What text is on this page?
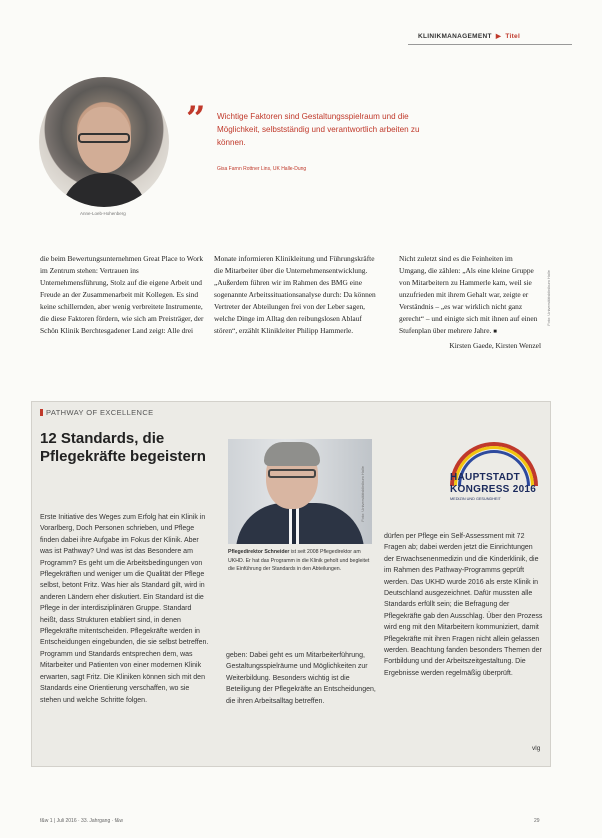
KLINIKMANAGEMENT ▶ Titel
Anne-Loeb-Hohenberg
” Wichtige Faktoren sind Gestaltungsspielraum und die Möglichkeit, selbstständig und verantwortlich arbeiten zu können.
Gisa Farnn Rottner Lins, UK Halle-Dung

die beim Bewertungsunternehmen Great Place to Work im Zentrum stehen: Vertrauen ins Unternehmensführung, Stolz auf die eigene Arbeit und Freude an der Zusammenarbeit mit Kollegen. Es sind keine schillernden, aber wenig verbreitete Instrumente, die diese Faktoren fördern, wie sich am Preisträger, der Schön Klinik Berchtesgadener Land zeigt: Alle drei

Monate informieren Klinikleitung und Führungskräfte die Mitarbeiter über die Unternehmensentwicklung. „Außerdem führen wir im Rahmen des BMG eine sogenannte Arbeitssituationsanalyse durch: Da können Vertreter der Abteilungen frei von der Leber sagen, welche Dinge im Alltag den reibungslosen Ablauf stören“, erzählt Klinikleiter Philipp Hammerle.

Nicht zuletzt sind es die Feinheiten im Umgang, die zählen: „Als eine kleine Gruppe von Mitarbeitern zu Hammerle kam, weil sie unzufrieden mit ihrem Gehalt war, zeigte er Verständnis – „es war wirklich nicht ganz gerecht“ – und einigte sich mit ihnen auf einen Stufenplan über mehrere Jahre. ■

Kirsten Gaede, Kirsten Wenzel

Foto: Universitätsklinikum Halle
PATHWAY OF EXCELLENCE
12 Standards, die Pflegekräfte begeistern

Erste Initiative des Weges zum Erfolg hat ein Klinik in Vorarlberg, Doch Personen schrieben, und Pflege finden dabei ihre Aufgabe im Fokus der Klinik. Aber was ist Pathway? Und was ist das Besondere am Programm? Es geht um die Arbeitsbedingungen von Pflegekräften und weniger um die Qualität der Pflege selbst, betont Fritz. Was hier als Standard gilt, wird in anderen Ländern eher diskutiert. Ein Standard ist die Pflege in der interdisziplinären Gruppe. Standard heißt, dass Strukturen etabliert sind, in denen Pflegekräfte mitentscheiden. Pflegekräfte werden in Entscheidungen eingebunden, die sie selbst betreffen. Programm und Standards entsprechen dem, was Mitarbeiter und Patienten von einer modernen Klinik erwarten, sagt Fritz. Die Kliniken können sich mit den Standards eine Orientierung verschaffen, wo sie stehen und welche Schritte folgen.

Foto: Universitätsklinikum Halle
Pflegedirektor Schneider ist seit 2008 Pflegedirektor am UKHD. Er hat das Programm in die Klinik geholt und begleitet die Einführung der Standards in den Abteilungen.

geben: Dabei geht es um Mitarbeiterführung, Gestaltungsspielräume und Möglichkeiten zur Weiterbildung. Besonders wichtig ist die Beteiligung der Pflegekräfte an Entscheidungen, die ihren Arbeitsalltag betreffen.

dürfen per Pflege ein Self-Assessment mit 72 Fragen ab; dabei werden jetzt die Einrichtungen der Erwachsenenmedizin und die Kinderklinik, die im Rahmen des Pathway-Programms geprüft werden. Das UKHD wurde 2016 als erste Klinik in Deutschland ausgezeichnet. Dafür mussten alle Standards erfüllt sein; die Befragung der Pflegekräfte gab den Ausschlag. Über den Prozess wird eng mit den Mitarbeitern kommuniziert, damit Pflegekräfte mit ihren Fragen nicht allein gelassen werden. Beachtung fanden besonders Themen der Fortbildung und der Arbeitszeitgestaltung. Die Ergebnisse werden regelmäßig überprüft.

HAUPTSTADT
KONGRESS 2016
MEDIZIN UND GESUNDHEIT
vlg
f&w 1 | Juli 2016 · 33. Jahrgang · f&w	29
